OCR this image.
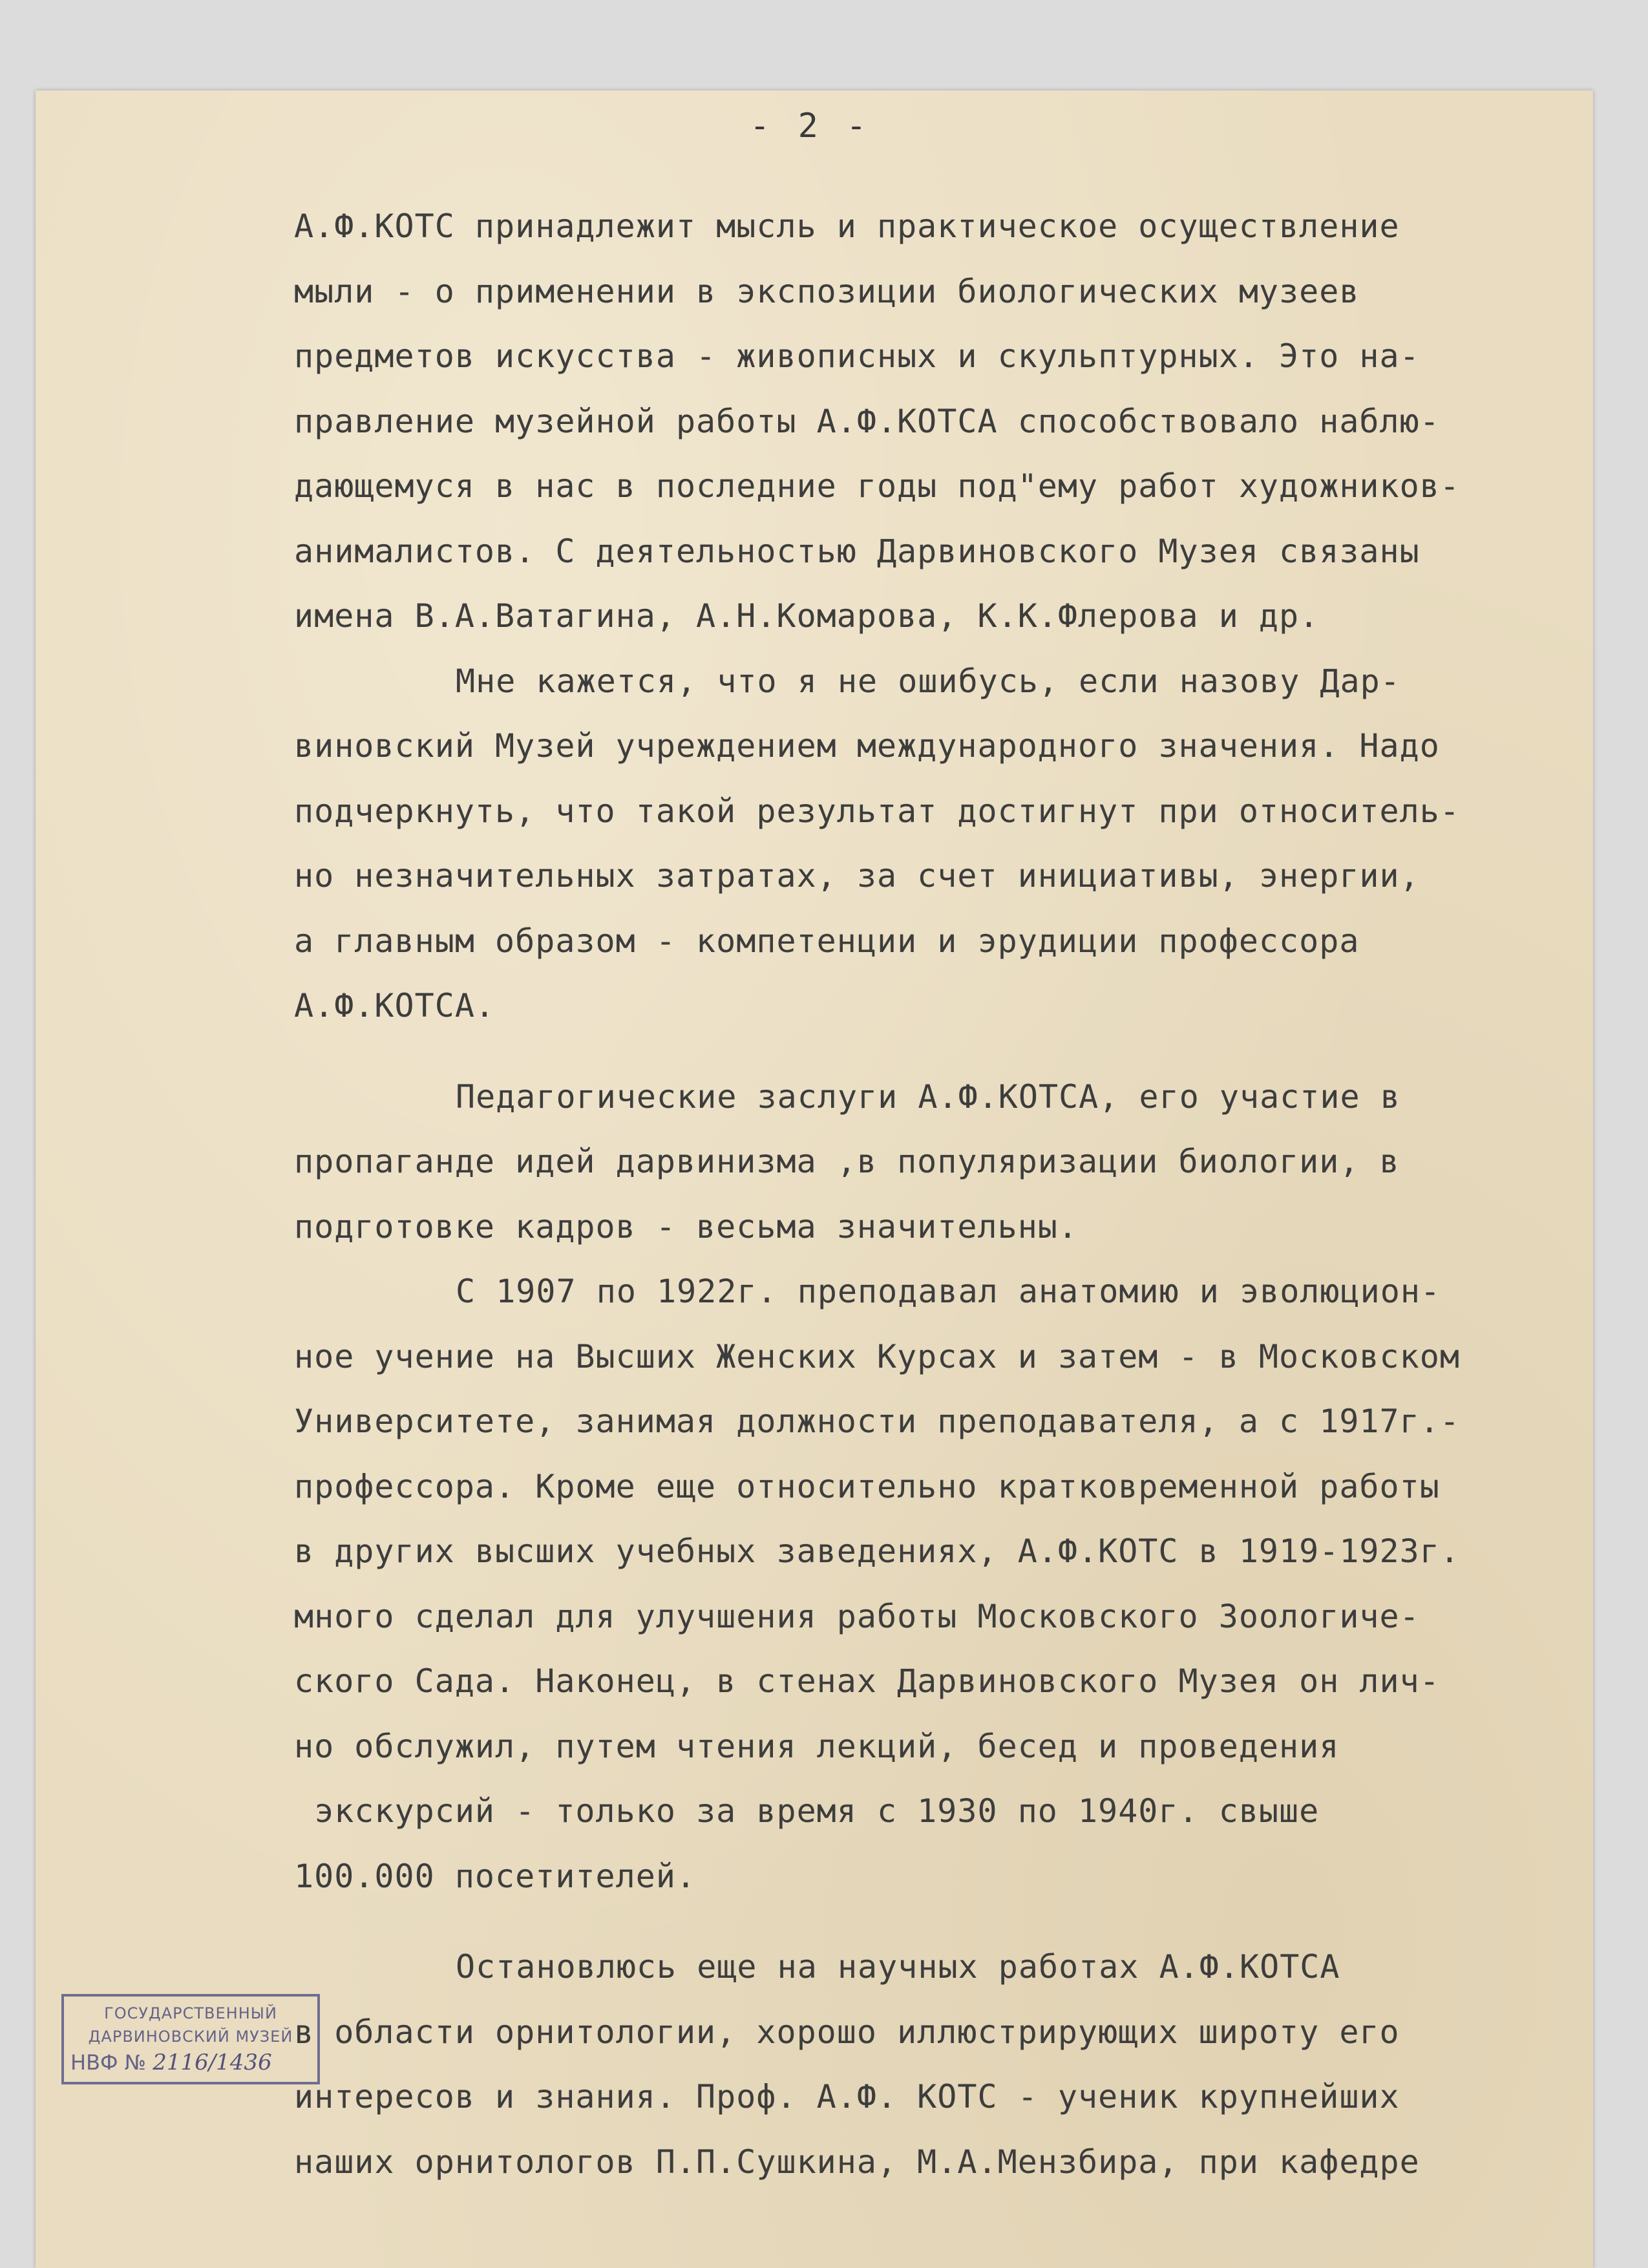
- 2 -
А.Ф.КОТС принадлежит мысль и практическое осуществление
мыли - о применении в экспозиции биологических музеев
предметов искусства - живописных и скульптурных. Это на-
правление музейной работы А.Ф.КОТСА способствовало наблю-
дающемуся в нас в последние годы под"ему работ художников-
анималистов. С деятельностью Дарвиновского Музея связаны
имена В.А.Ватагина, А.Н.Комарова, К.К.Флерова и др.
Мне кажется, что я не ошибусь, если назову Дар-
виновский Музей учреждением международного значения. Надо
подчеркнуть, что такой результат достигнут при относитель-
но незначительных затратах, за счет инициативы, энергии,
а главным образом - компетенции и эрудиции профессора
А.Ф.КОТСА.
Педагогические заслуги А.Ф.КОТСА, его участие в
пропаганде идей дарвинизма ,в популяризации биологии, в
подготовке кадров - весьма значительны.
С 1907 по 1922г. преподавал анатомию и эволюцион-
ное учение на Высших Женских Курсах и затем - в Московском
Университете, занимая должности преподавателя, а с 1917г.-
профессора. Кроме еще относительно кратковременной работы
в других высших учебных заведениях, А.Ф.КОТС в 1919-1923г.
много сделал для улучшения работы Московского Зоологиче-
ского Сада. Наконец, в стенах Дарвиновского Музея он лич-
но обслужил, путем чтения лекций, бесед и проведения
экскурсий - только за время с 1930 по 1940г. свыше
100.000 посетителей.
Остановлюсь еще на научных работах А.Ф.КОТСА
в области орнитологии, хорошо иллюстрирующих широту его
интересов и знания. Проф. А.Ф. КОТС - ученик крупнейших
наших орнитологов П.П.Сушкина, М.А.Мензбира, при кафедре
ГОСУДАРСТВЕННЫЙ
ДАРВИНОВСКИЙ МУЗЕЙ
НВФ № 2116/1436
